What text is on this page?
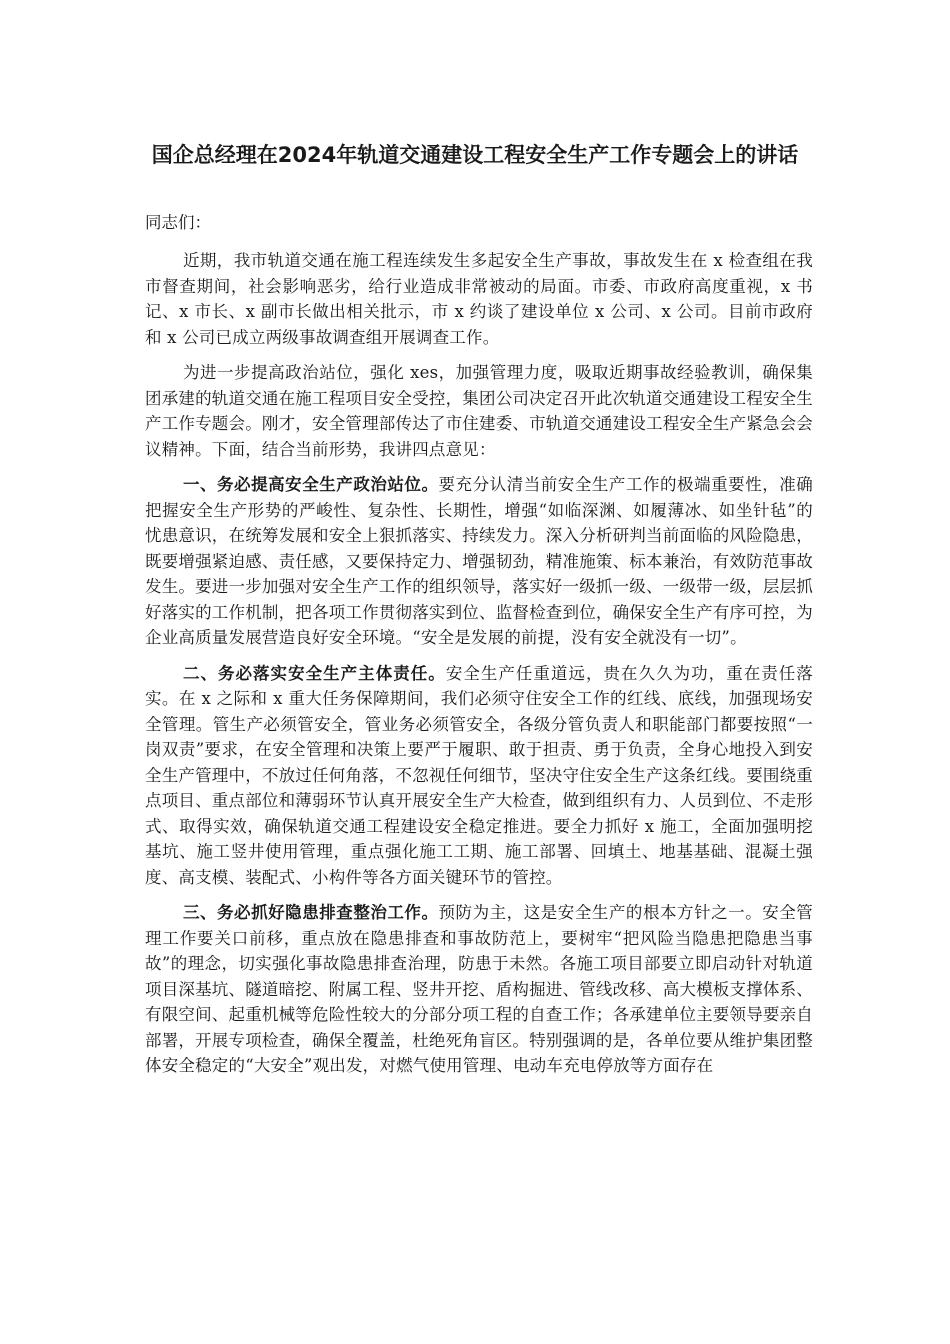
国企总经理在2024年轨道交通建设工程安全生产工作专题会上的讲话

同志们：

近期，我市轨道交通在施工程连续发生多起安全生产事故，事故发生在 x 检查组在我市督查期间，社会影响恶劣，给行业造成非常被动的局面。市委、市政府高度重视，x 书记、x 市长、x 副市长做出相关批示，市 x 约谈了建设单位 x 公司、x 公司。目前市政府和 x 公司已成立两级事故调查组开展调查工作。

为进一步提高政治站位，强化 xes，加强管理力度，吸取近期事故经验教训，确保集团承建的轨道交通在施工程项目安全受控，集团公司决定召开此次轨道交通建设工程安全生产工作专题会。刚才，安全管理部传达了市住建委、市轨道交通建设工程安全生产紧急会会议精神。下面，结合当前形势，我讲四点意见：

一、务必提高安全生产政治站位。要充分认清当前安全生产工作的极端重要性，准确把握安全生产形势的严峻性、复杂性、长期性，增强“如临深渊、如履薄冰、如坐针毡”的忧患意识，在统筹发展和安全上狠抓落实、持续发力。深入分析研判当前面临的风险隐患，既要增强紧迫感、责任感，又要保持定力、增强韧劲，精准施策、标本兼治，有效防范事故发生。要进一步加强对安全生产工作的组织领导，落实好一级抓一级、一级带一级，层层抓好落实的工作机制，把各项工作贯彻落实到位、监督检查到位，确保安全生产有序可控，为企业高质量发展营造良好安全环境。“安全是发展的前提，没有安全就没有一切”。

二、务必落实安全生产主体责任。安全生产任重道远，贵在久久为功，重在责任落实。在 x 之际和 x 重大任务保障期间，我们必须守住安全工作的红线、底线，加强现场安全管理。管生产必须管安全，管业务必须管安全，各级分管负责人和职能部门都要按照“一岗双责”要求，在安全管理和决策上要严于履职、敢于担责、勇于负责，全身心地投入到安全生产管理中，不放过任何角落，不忽视任何细节，坚决守住安全生产这条红线。要围绕重点项目、重点部位和薄弱环节认真开展安全生产大检查，做到组织有力、人员到位、不走形式、取得实效，确保轨道交通工程建设安全稳定推进。要全力抓好 x 施工，全面加强明挖基坑、施工竖井使用管理，重点强化施工工期、施工部署、回填土、地基基础、混凝土强度、高支模、装配式、小构件等各方面关键环节的管控。

三、务必抓好隐患排查整治工作。预防为主，这是安全生产的根本方针之一。安全管理工作要关口前移，重点放在隐患排查和事故防范上，要树牢“把风险当隐患把隐患当事故”的理念，切实强化事故隐患排查治理，防患于未然。各施工项目部要立即启动针对轨道项目深基坑、隧道暗挖、附属工程、竖井开挖、盾构掘进、管线改移、高大模板支撑体系、有限空间、起重机械等危险性较大的分部分项工程的自查工作；各承建单位主要领导要亲自部署，开展专项检查，确保全覆盖，杜绝死角盲区。特别强调的是，各单位要从维护集团整体安全稳定的“大安全”观出发，对燃气使用管理、电动车充电停放等方面存在
